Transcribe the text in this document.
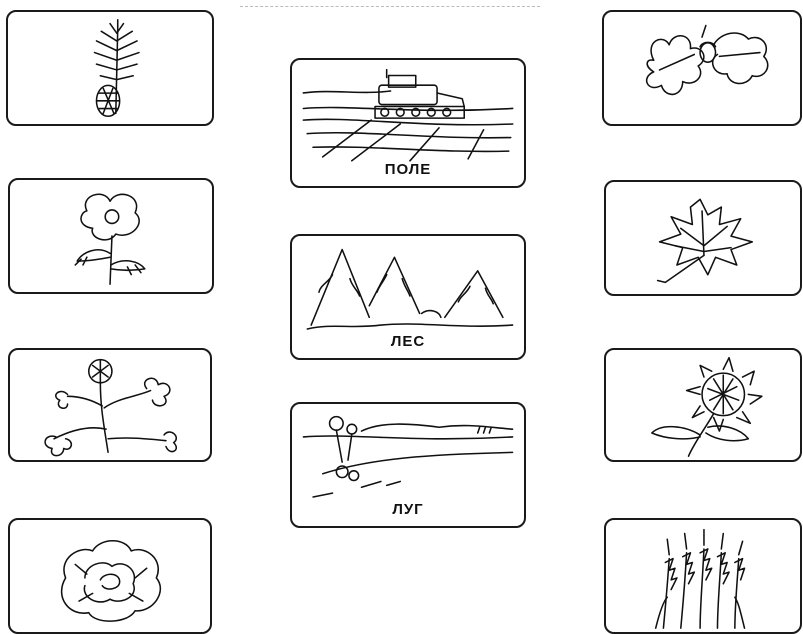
ПОЛЕ
ЛЕС
ЛУГ
